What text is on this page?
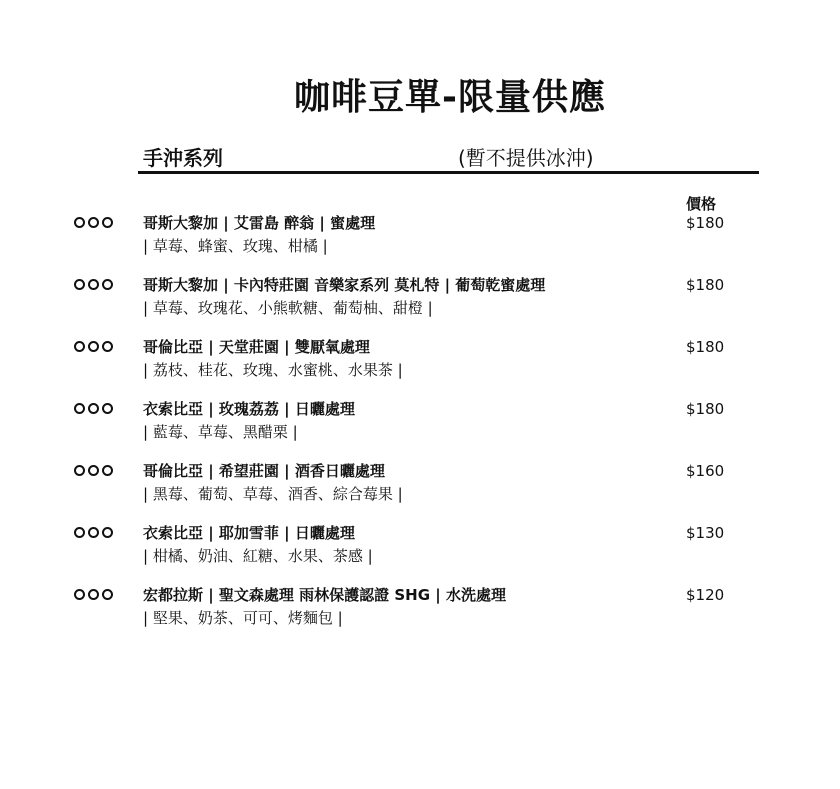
咖啡豆單-限量供應
手沖系列	(暫不提供冰沖)
價格
哥斯大黎加 | 艾雷島 醉翁 | 蜜處理
| 草莓、蜂蜜、玫瑰、柑橘 |
$180
哥斯大黎加 | 卡內特莊園 音樂家系列 莫札特 | 葡萄乾蜜處理
| 草莓、玫瑰花、小熊軟糖、葡萄柚、甜橙 |
$180
哥倫比亞 | 天堂莊園 | 雙厭氧處理
| 荔枝、桂花、玫瑰、水蜜桃、水果茶 |
$180
衣索比亞 | 玫瑰荔荔 | 日曬處理
| 藍莓、草莓、黑醋栗 |
$180
哥倫比亞 | 希望莊園 | 酒香日曬處理
| 黑莓、葡萄、草莓、酒香、綜合莓果 |
$160
衣索比亞 | 耶加雪菲 | 日曬處理
| 柑橘、奶油、紅糖、水果、茶感 |
$130
宏都拉斯 | 聖文森處理 雨林保護認證 SHG | 水洗處理
| 堅果、奶茶、可可、烤麵包 |
$120
